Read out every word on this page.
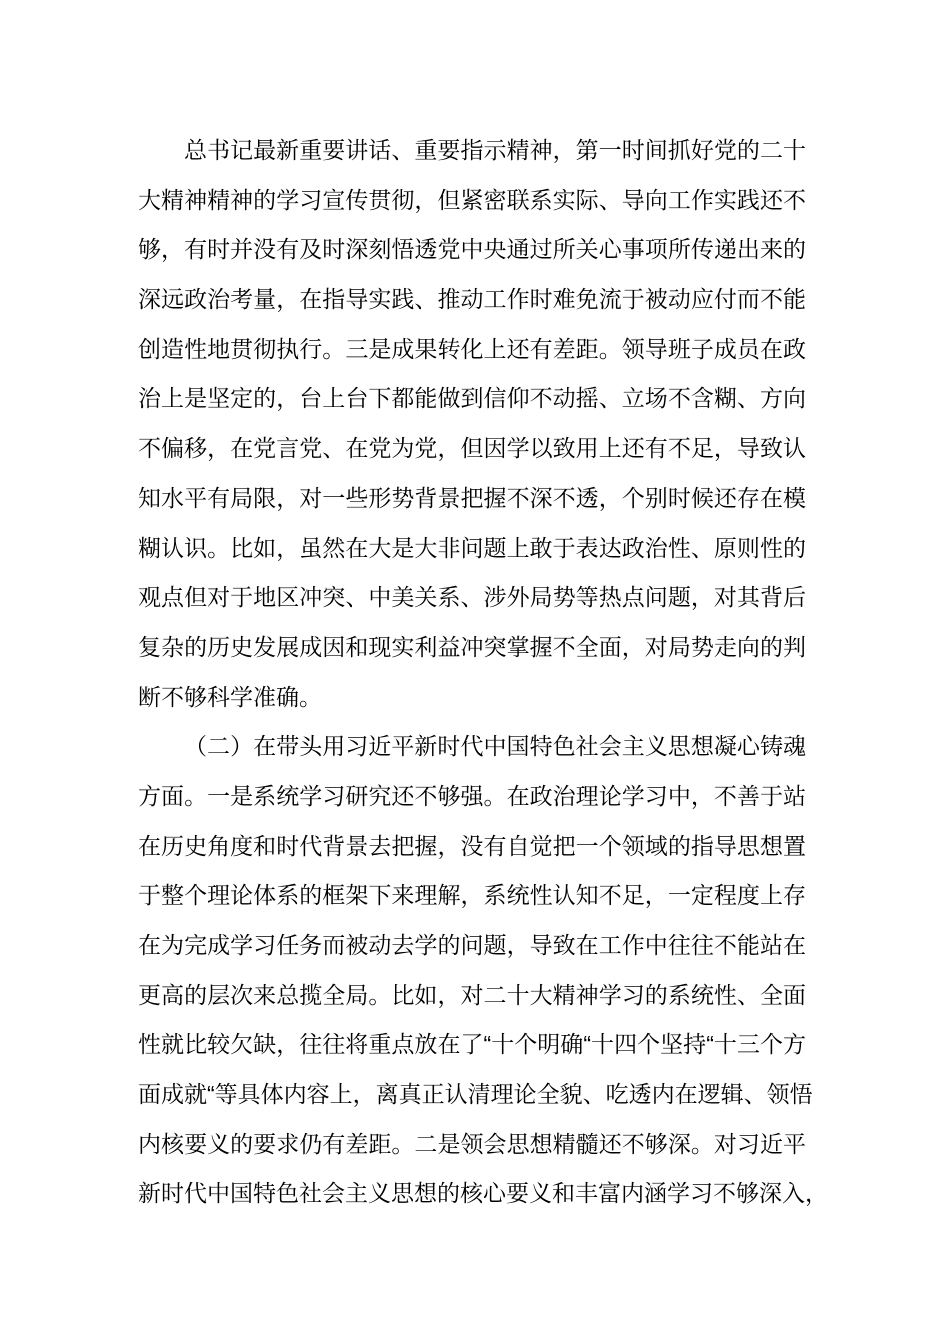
总书记最新重要讲话、重要指示精神，第一时间抓好党的二十
大精神精神的学习宣传贯彻，但紧密联系实际、导向工作实践还不
够，有时并没有及时深刻悟透党中央通过所关心事项所传递出来的
深远政治考量，在指导实践、推动工作时难免流于被动应付而不能
创造性地贯彻执行。三是成果转化上还有差距。领导班子成员在政
治上是坚定的，台上台下都能做到信仰不动摇、立场不含糊、方向
不偏移，在党言党、在党为党，但因学以致用上还有不足，导致认
知水平有局限，对一些形势背景把握不深不透，个别时候还存在模
糊认识。比如，虽然在大是大非问题上敢于表达政治性、原则性的
观点但对于地区冲突、中美关系、涉外局势等热点问题，对其背后
复杂的历史发展成因和现实利益冲突掌握不全面，对局势走向的判
断不够科学准确。
（二）在带头用习近平新时代中国特色社会主义思想凝心铸魂
方面。一是系统学习研究还不够强。在政治理论学习中，不善于站
在历史角度和时代背景去把握，没有自觉把一个领域的指导思想置
于整个理论体系的框架下来理解，系统性认知不足，一定程度上存
在为完成学习任务而被动去学的问题，导致在工作中往往不能站在
更高的层次来总揽全局。比如，对二十大精神学习的系统性、全面
性就比较欠缺，往往将重点放在了“十个明确“十四个坚持“十三个方
面成就“等具体内容上，离真正认清理论全貌、吃透内在逻辑、领悟
内核要义的要求仍有差距。二是领会思想精髓还不够深。对习近平
新时代中国特色社会主义思想的核心要义和丰富内涵学习不够深入，
